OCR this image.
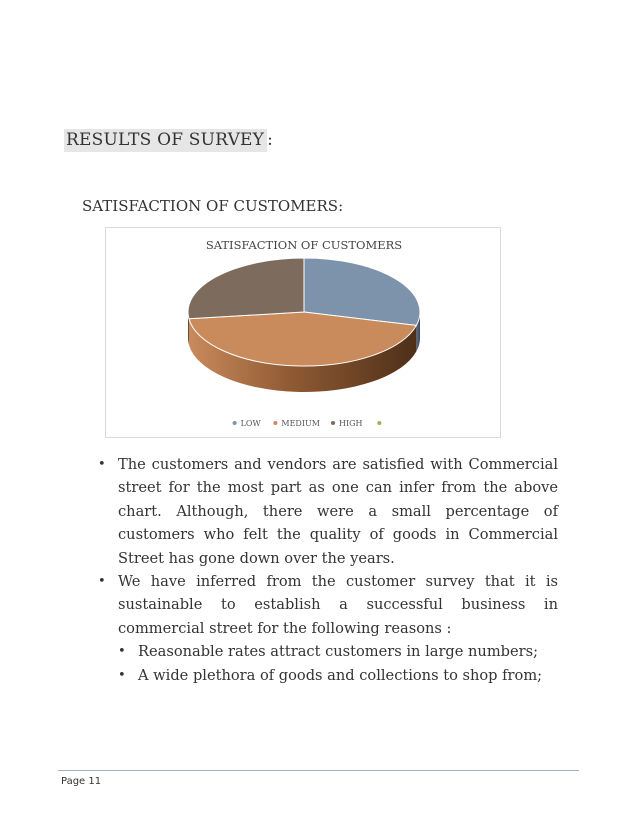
RESULTS OF SURVEY :
SATISFACTION OF CUSTOMERS:
SATISFACTION OF CUSTOMERS
LOW	MEDIUM HIGH
• The customers and vendors are satisfied with Commercial street for the most part as one can infer from the above chart. Although, there were a small percentage of customers who felt the quality of goods in Commercial Street has gone down over the years.
• We have inferred from the customer survey that it is sustainable to establish a successful business in commercial street for the following reasons :
• Reasonable rates attract customers in large numbers;
• A wide plethora of goods and collections to shop from;
Page 11
